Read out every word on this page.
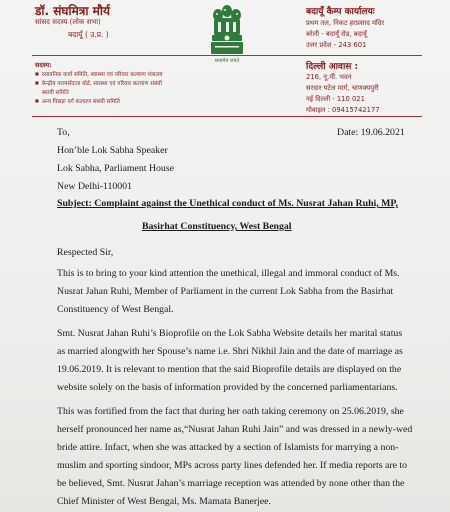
डॉ. संघमित्रा मौर्य
सांसद सदस्य (लोक सभा)
बदायूँ ( उ.प्र. )
सत्यमेव जयते
बदायूँ कैम्प कार्यालयः
प्रथम तल, निकट हरप्रसाद मंदिर
बरेली - बदायूँ रोड, बदायूँ
उत्तर प्रदेश - 243 601
सदस्य:
■ रसायनिक कार्य समिति, स्वास्थ्य एवं परिवार कल्याण मंत्रालय
■ केन्द्रीय परामर्शदाता बोर्ड, स्वास्थ्य एवं परिवार कल्याण संबंधी
स्थायी समिति
■ अन्य पिछड़ा वर्ग कल्याण संबंधी समिति
दिल्ली आवास :
216, नू.पी. भवन
सरदार पटेल मार्ग, चाणक्यपुरी
नई दिल्ली - 110 021
मोबाइल : 09415742177
To,	Date: 19.06.2021
Hon’ble Lok Sabha Speaker
Lok Sabha, Parliament House
New Delhi-110001
Subject: Complaint against the Unethical conduct of Ms. Nusrat Jahan Ruhi, MP,
Basirhat Constituency, West Bengal
Respected Sir,
This is to bring to your kind attention the unethical, illegal and immoral conduct of Ms.
Nusrat Jahan Ruhi, Member of Parliament in the current Lok Sabha from the Basirhat
Constituency of West Bengal.
Smt. Nusrat Jahan Ruhi’s Bioprofile on the Lok Sabha Website details her marital status
as married alongwith her Spouse’s name i.e. Shri Nikhil Jain and the date of marriage as
19.06.2019. It is relevant to mention that the said Bioprofile details are displayed on the
website solely on the basis of information provided by the concerned parliamentarians.
This was fortified from the fact that during her oath taking ceremony on 25.06.2019, she
herself pronounced her name as,“Nusrat Jahan Ruhi Jain” and was dressed in a newly-wed
bride attire. Infact, when she was attacked by a section of Islamists for marrying a non-
muslim and sporting sindoor, MPs across party lines defended her. If media reports are to
be believed, Smt. Nusrat Jahan’s marriage reception was attended by none other than the
Chief Minister of West Bengal, Ms. Mamata Banerjee.
